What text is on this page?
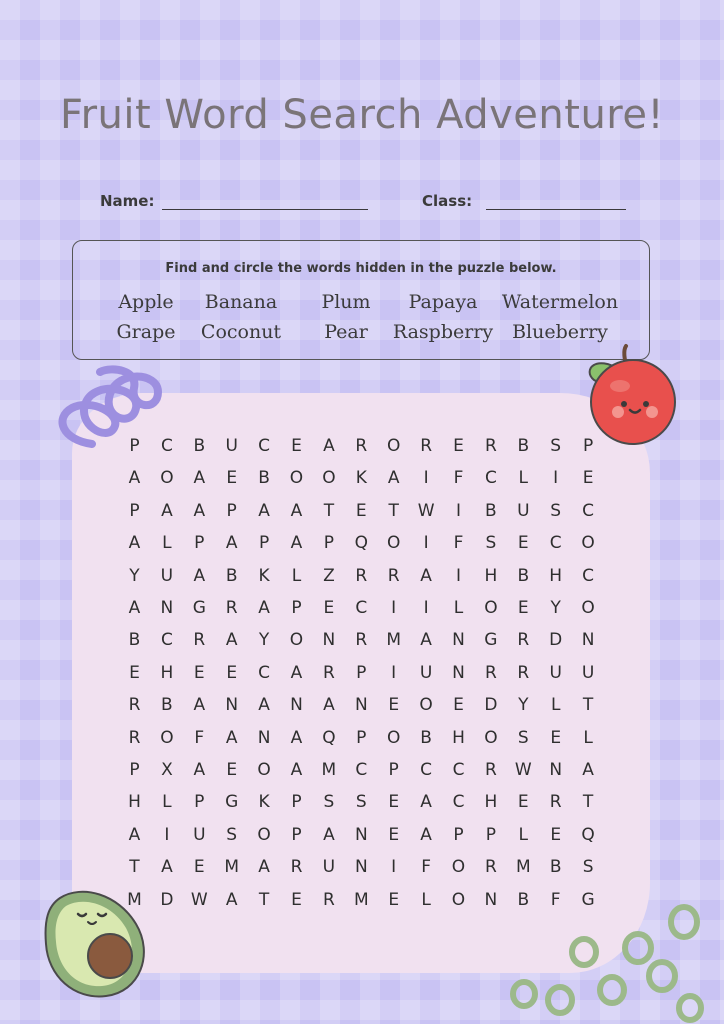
Fruit Word Search Adventure!
Name:	Class:
Find and circle the words hidden in the puzzle below.
Apple	Banana	Plum	Papaya	Watermelon
Grape	Coconut	Pear	Raspberry Blueberry
P	C	B	U	C	E	A	R	O	R	E	R	B	S	P
A	O	A	E	B	O	O	K	A	I	F	C	L	I	E
P	A	A	P	A	A	T	E	T	W	I	B	U	S	C
A	L	P	A	P	A	P	Q	O	I	F	S	E	C	O
Y	U	A	B	K	L	Z	R	R	A	I	H	B	H	C
A	N	G	R	A	P	E	C	I	I	L	O	E	Y	O
B	C	R	A	Y	O	N	R	M	A	N	G	R	D	N
E	H	E	E	C	A	R	P	I	U	N	R	R	U	U
R	B	A	N	A	N	A	N	E	O	E	D	Y	L	T
R	O	F	A	N	A	Q	P	O	B	H	O	S	E	L
P	X	A	E	O	A	M	C	P	C	C	R	W	N	A
H	L	P	G	K	P	S	S	E	A	C	H	E	R	T
A	I	U	S	O	P	A	N	E	A	P	P	L	E	Q
T	A	E	M	A	R	U	N	I	F	O	R	M	B	S
M	D	W	A	T	E	R	M	E	L	O	N	B	F	G
